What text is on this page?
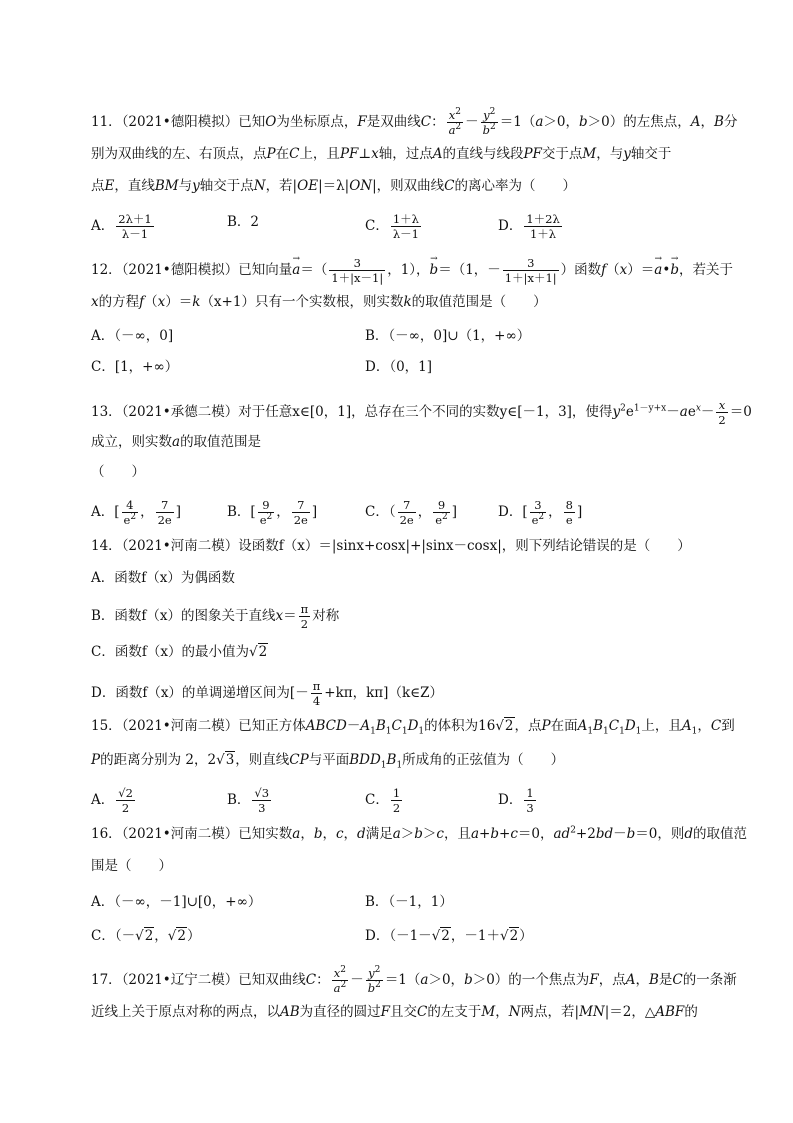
11．（2021•德阳模拟）已知O为坐标原点，F是双曲线C： $\frac{x^2}{a^2} - \frac{y^2}{b^2} =1(a>0$，b＞0）的左焦点，A，B分
别为双曲线的左、右顶点，点P在C上，且PF⊥x轴，过点A的直线与线段PF交于点M，与y轴交于
点E，直线BM与y轴交于点N，若|OE|＝λ|ON|，则双曲线C的离心率为（　　）
A． $\frac{2\lambda+1}{\lambda-1}$	B．2	C． $\frac{1+\lambda}{\lambda-1}$	D． $\frac{1+2\lambda}{1+\lambda}$
12．（2021•德阳模拟）已知向量→ $a=( \frac{3}{1+|x-1|}$ ，1），→ b＝（1，－ $\frac{3}{1+|x+1|}$ ）函数f（x）＝→ a•→ b，若关于
x的方程f（x）＝k（x+1）只有一个实数根，则实数k的取值范围是（　　）
A．（－∞，0]	B．（－∞，0]∪（1，+∞）
C．[1，+∞）	D．（0，1]
13．（2021•承德二模）对于任意x∈[0，1]，总存在三个不同的实数y∈[－1，3]，使得$y^2e^{1-y+x}-ae^x- \frac{x}{2} =0$
成立，则实数a的取值范围是
（　　）
A．[ $\frac{4}{e^2}$ ， $\frac{7}{2e}$ ]	B．[ $\frac{9}{e^2}$ ， $\frac{7}{2e}$ ]	C．（ $\frac{7}{2e}$ ， $\frac{9}{e^2}$ ]	D．[ $\frac{3}{e^2}$ ， $\frac{8}{e}$ ]
14．（2021•河南二模）设函数f（x）＝|sinx+cosx|+|sinx－cosx|，则下列结论错误的是（　　）
A．函数f（x）为偶函数
B．函数f（x）的图象关于直线$x= \frac{\pi}{2}$ 对称
C．函数f（x）的最小值为√2
D．函数f（x）的单调递增区间为[－ $\frac{\pi}{4} +k\pi$，kπ]（k∈Z）
15．（2021•河南二模）已知正方体$ABCD-A_1B_1C_1D_1$的体积为16√2，点P在面$A_1B_1C_1D_1$上，且$A_1$，C到
P的距离分别为 2，2√3，则直线CP与平面$BDD_1B_1$所成角的正弦值为（　　）
A． $\frac{√2}{2}$	B． $\frac{√3}{3}$	C． $\frac{1}{2}$	D． $\frac{1}{3}$
16．（2021•河南二模）已知实数a，b，c，d满足a＞b＞c，且a+b+c＝0，$ad^2+2bd-b=0$，则d的取值范
围是（　　）
A．（－∞，－1]∪[0，+∞）	B．（－1，1）
C．（－√2，√2）	D．（－1－√2，－1＋√2）
17．（2021•辽宁二模）已知双曲线C： $\frac{x^2}{a^2} - \frac{y^2}{b^2} =1(a>0$，b＞0）的一个焦点为F，点A，B是C的一条渐
近线上关于原点对称的两点，以AB为直径的圆过F且交C的左支于M，N两点，若|MN|＝2，△ABF的
